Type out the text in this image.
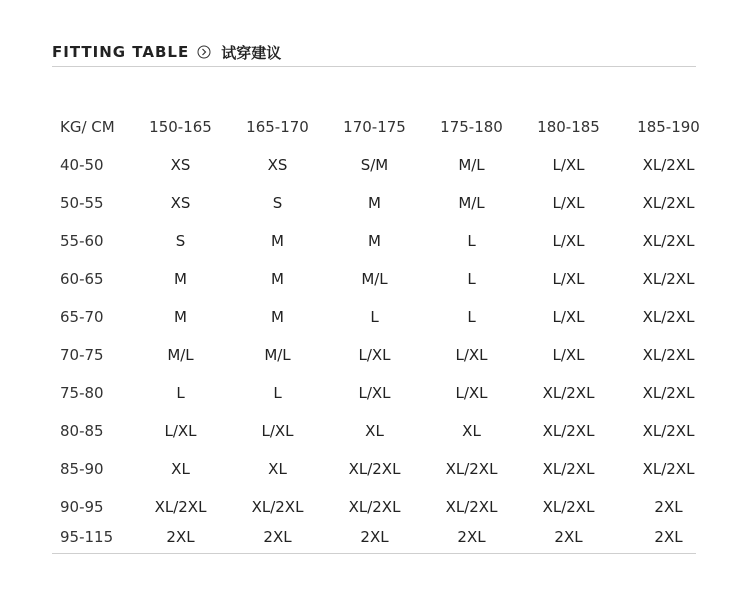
FITTING TABLE 试穿建议
KG/ CM	150-165	165-170	170-175	175-180	180-185	185-190
40-50	XS	XS	S/M	M/L	L/XL	XL/2XL
50-55	XS	S	M	M/L	L/XL	XL/2XL
55-60	S	M	M	L	L/XL	XL/2XL
60-65	M	M	M/L	L	L/XL	XL/2XL
65-70	M	M	L	L	L/XL	XL/2XL
70-75	M/L	M/L	L/XL	L/XL	L/XL	XL/2XL
75-80	L	L	L/XL	L/XL	XL/2XL	XL/2XL
80-85	L/XL	L/XL	XL	XL	XL/2XL	XL/2XL
85-90	XL	XL	XL/2XL	XL/2XL	XL/2XL	XL/2XL
90-95	XL/2XL	XL/2XL	XL/2XL	XL/2XL	XL/2XL	2XL
95-115	2XL	2XL	2XL	2XL	2XL	2XL
